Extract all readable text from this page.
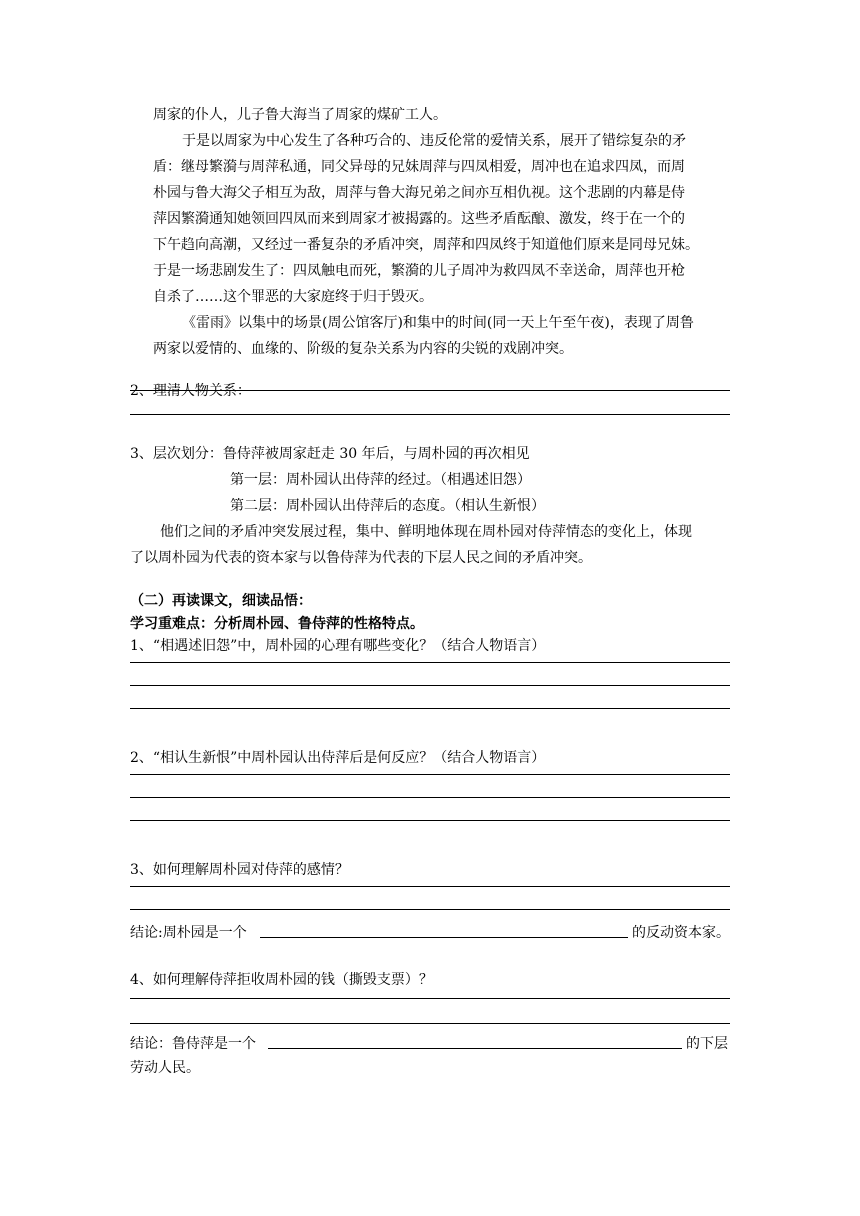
周家的仆人，儿子鲁大海当了周家的煤矿工人。
于是以周家为中心发生了各种巧合的、违反伦常的爱情关系，展开了错综复杂的矛
盾：继母繁漪与周萍私通，同父异母的兄妹周萍与四凤相爱，周冲也在追求四凤，而周
朴园与鲁大海父子相互为敌，周萍与鲁大海兄弟之间亦互相仇视。这个悲剧的内幕是侍
萍因繁漪通知她领回四凤而来到周家才被揭露的。这些矛盾酝酿、激发，终于在一个的
下午趋向高潮，又经过一番复杂的矛盾冲突，周萍和四凤终于知道他们原来是同母兄妹。
于是一场悲剧发生了：四凤触电而死，繁漪的儿子周冲为救四凤不幸送命，周萍也开枪
自杀了……这个罪恶的大家庭终于归于毁灭。
《雷雨》以集中的场景(周公馆客厅)和集中的时间(同一天上午至午夜)，表现了周鲁
两家以爱情的、血缘的、阶级的复杂关系为内容的尖锐的戏剧冲突。
2、理清人物关系：
3、层次划分：鲁侍萍被周家赶走 30 年后，与周朴园的再次相见
第一层：周朴园认出侍萍的经过。（相遇述旧怨）
第二层：周朴园认出侍萍后的态度。（相认生新恨）
他们之间的矛盾冲突发展过程，集中、鲜明地体现在周朴园对侍萍情态的变化上，体现
了以周朴园为代表的资本家与以鲁侍萍为代表的下层人民之间的矛盾冲突。
（二）再读课文，细读品悟：
学习重难点：分析周朴园、鲁侍萍的性格特点。
1、“相遇述旧怨”中，周朴园的心理有哪些变化？（结合人物语言）
2、“相认生新恨”中周朴园认出侍萍后是何反应？（结合人物语言）
3、如何理解周朴园对侍萍的感情？
结论:周朴园是一个	的反动资本家。
4、如何理解侍萍拒收周朴园的钱（撕毁支票）？
结论：鲁侍萍是一个	的下层
劳动人民。
